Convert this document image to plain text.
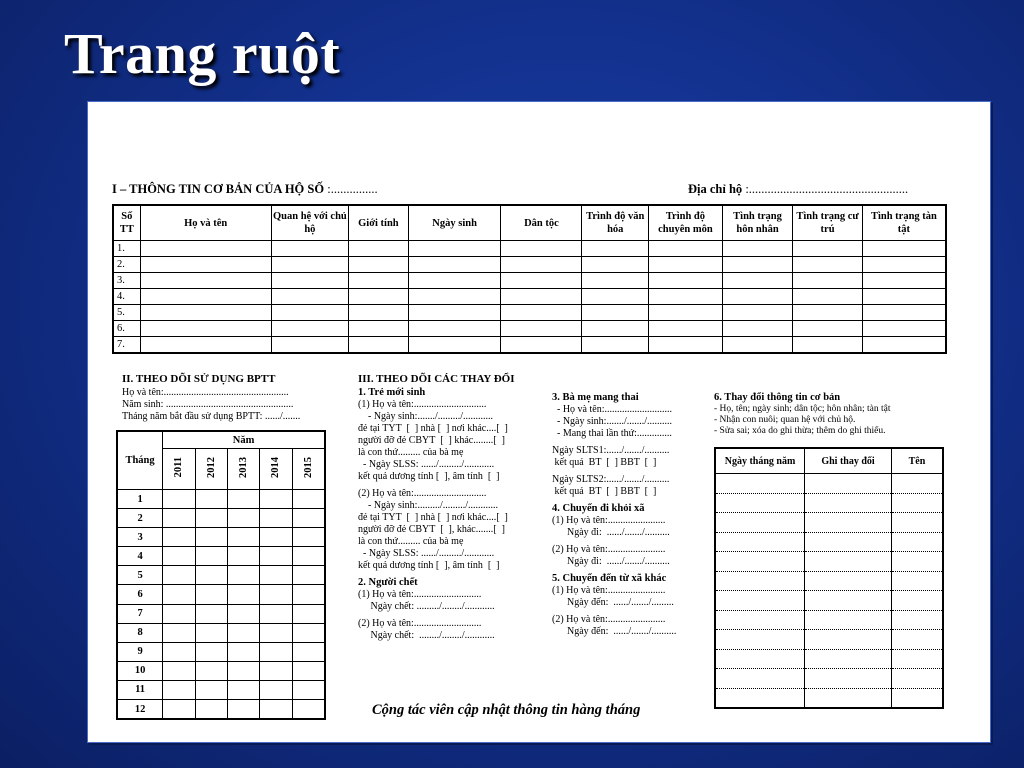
Trang ruột
I – THÔNG TIN CƠ BẢN CỦA HỘ SỐ :...............	Địa chỉ hộ :...................................................
Số TT	Họ và tên	Quan hệ với chủ hộ	Giới tính	Ngày sinh	Dân tộc	Trình độ văn hóa	Trình độ chuyên môn	Tình trạng hôn nhân	Tình trạng cư trú	Tình trạng tàn tật
1.										
2.										
3.										
4.										
5.										
6.										
7.										
II. THEO DÕI SỬ DỤNG BPTT
Họ và tên:..................................................
Năm sinh: ...................................................
Tháng năm bắt đầu sử dụng BPTT: ....../.......
Tháng	Năm				
	2011	2012	2013	2014	2015
1					
2					
3					
4					
5					
6					
7					
8					
9					
10					
11					
12					
III. THEO DÕI CÁC THAY ĐỔI
1. Trẻ mới sinh

(1) Họ và tên:.............................
- Ngày sinh:......./........./............
đẻ tại TYT  [  ] nhà [  ] nơi khác....[  ]
người đỡ đẻ CBYT  [  ] khác........[  ]
là con thứ......... của bà mẹ
- Ngày SLSS: ....../........./............
kết quả dương tính [  ], âm tính  [  ]

(2) Họ và tên:.............................
- Ngày sinh:........./........./............
đẻ tại TYT  [  ] nhà [  ] nơi khác....[  ]
người đỡ đẻ CBYT  [  ], khác.......[  ]
là con thứ......... của bà mẹ
- Ngày SLSS: ....../........./............
kết quả dương tính [  ], âm tính  [  ]

2. Người chết

(1) Họ và tên:...........................
Ngày chết: ........./......../............

(2) Họ và tên:...........................
Ngày chết:  ......../......../............

3. Bà mẹ mang thai

- Họ và tên:...........................
- Ngày sinh:......./......./..........
- Mang thai lần thứ:..............

Ngày SLTS1:....../......./..........
kết quả  BT  [  ] BBT  [  ]

Ngày SLTS2:....../......./..........
kết quả  BT  [  ] BBT  [  ]

4. Chuyển đi khỏi xã

(1) Họ và tên:.......................
Ngày đi:  ....../......./..........

(2) Họ và tên:.......................
Ngày đi:  ....../......./..........

5. Chuyển đến từ xã khác

(1) Họ và tên:.......................
Ngày đến:  ....../......./.........

(2) Họ và tên:.......................
Ngày đến:  ....../......./..........

6. Thay đổi thông tin cơ bản
- Họ, tên; ngày sinh; dân tộc; hôn nhân; tàn tật
- Nhận con nuôi; quan hệ với chủ hộ.
- Sửa sai; xóa do ghi thừa; thêm do ghi thiếu.
Ngày tháng năm	Ghi thay đổi	Tên

Cộng tác viên cập nhật thông tin hàng tháng
